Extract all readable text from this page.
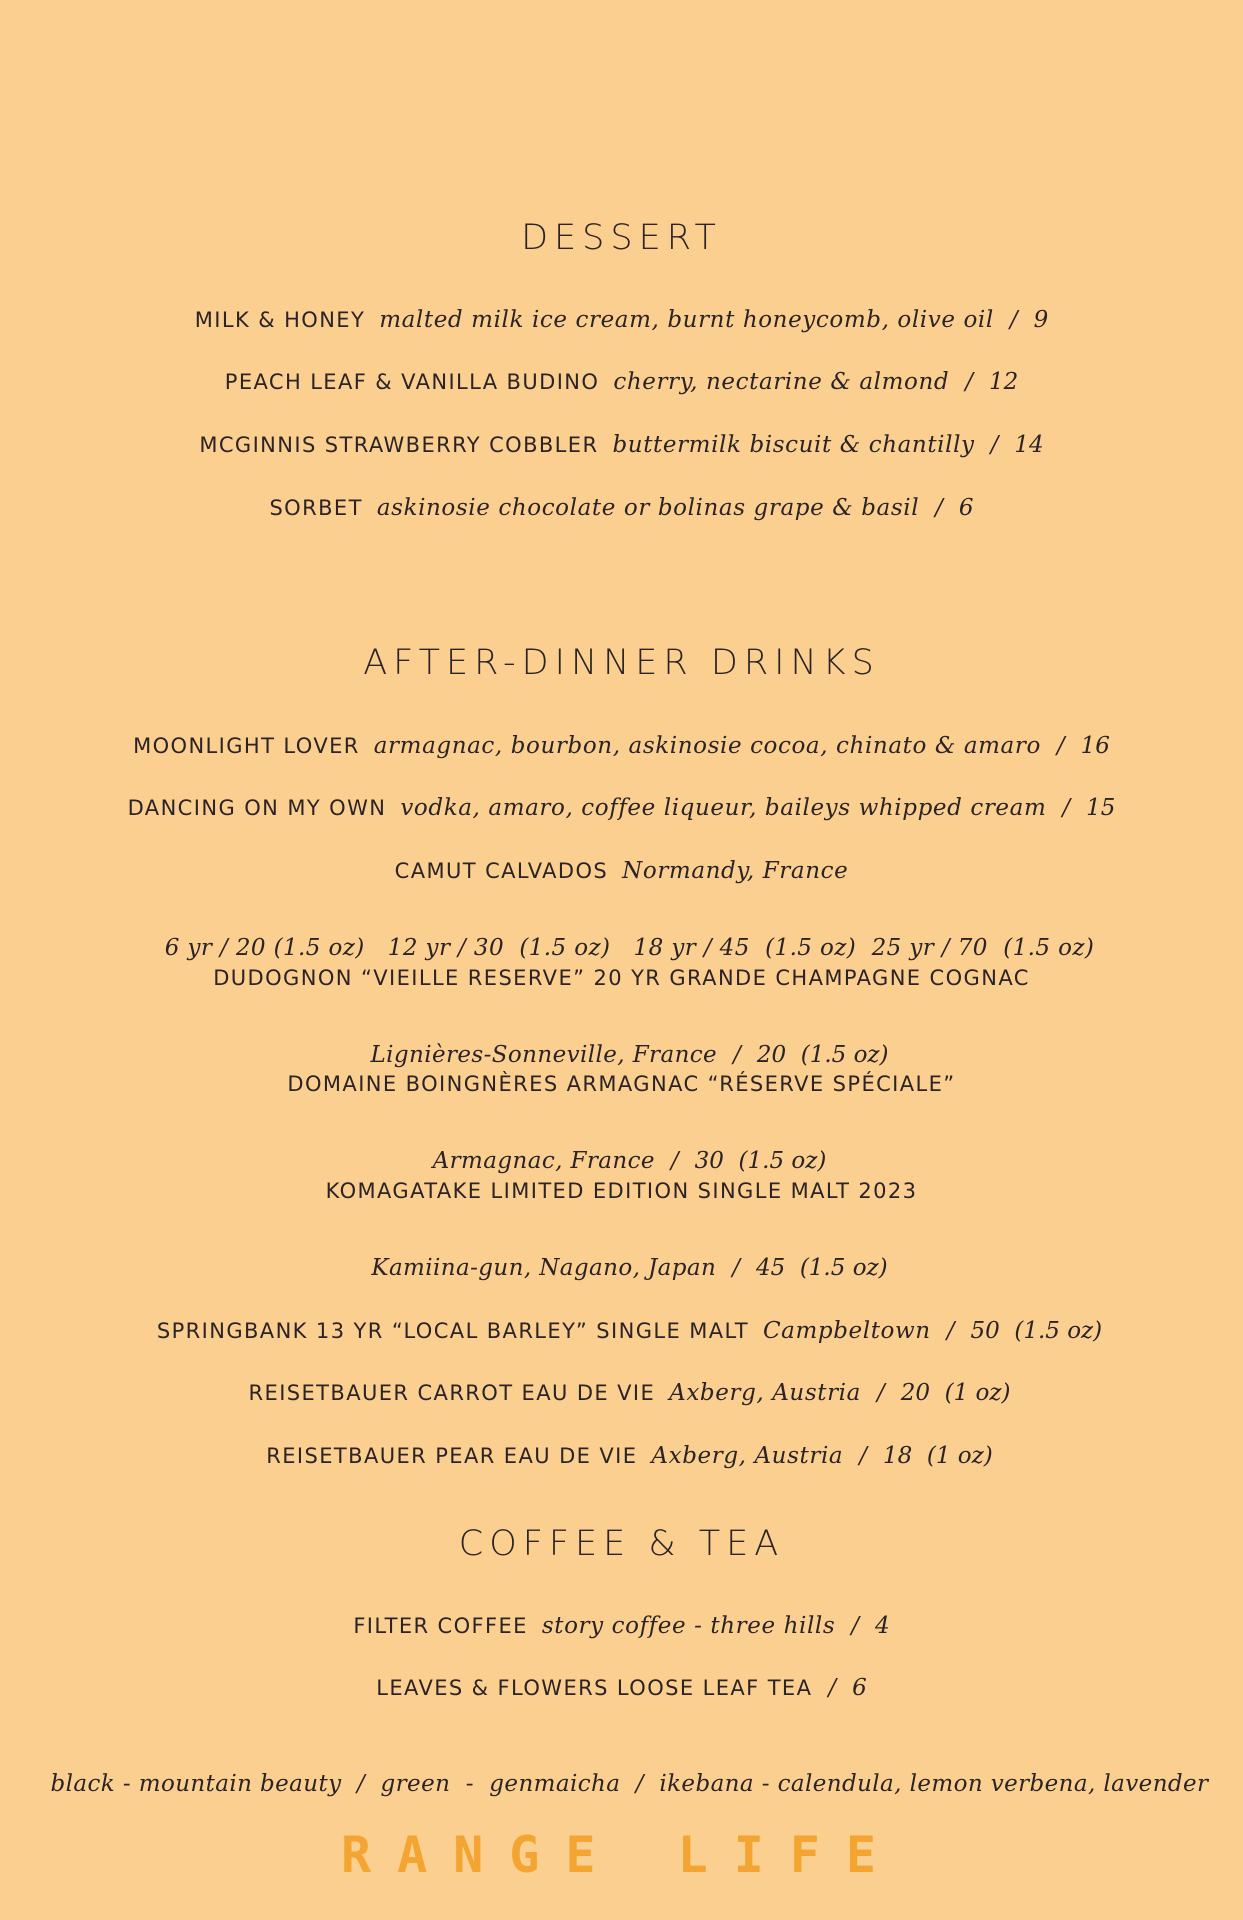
DESSERT
MILK & HONEY malted milk ice cream, burnt honeycomb, olive oil / 9
PEACH LEAF & VANILLA BUDINO cherry, nectarine & almond / 12
MCGINNIS STRAWBERRY COBBLER buttermilk biscuit & chantilly / 14
SORBET askinosie chocolate or bolinas grape & basil / 6
AFTER-DINNER DRINKS
MOONLIGHT LOVER armagnac, bourbon, askinosie cocoa, chinato & amaro / 16
DANCING ON MY OWN vodka, amaro, coffee liqueur, baileys whipped cream / 15
CAMUT CALVADOS Normandy, France

6 yr / 20 (1.5 oz)   12 yr / 30  (1.5 oz)   18 yr / 45  (1.5 oz)  25 yr / 70  (1.5 oz)

DUDOGNON “VIEILLE RESERVE” 20 YR GRANDE CHAMPAGNE COGNAC

Lignières-Sonneville, France / 20  (1.5 oz)

DOMAINE BOINGNÈRES ARMAGNAC “RÉSERVE SPÉCIALE”

Armagnac, France / 30  (1.5 oz)

KOMAGATAKE LIMITED EDITION SINGLE MALT 2023

Kamiina-gun, Nagano, Japan / 45  (1.5 oz)

SPRINGBANK 13 YR “LOCAL BARLEY” SINGLE MALT Campbeltown / 50  (1.5 oz)

REISETBAUER CARROT EAU DE VIE Axberg, Austria / 20  (1 oz)

REISETBAUER PEAR EAU DE VIE Axberg, Austria / 18  (1 oz)

COFFEE & TEA
FILTER COFFEE story coffee - three hills / 4
LEAVES & FLOWERS LOOSE LEAF TEA / 6

black - mountain beauty  /  green  -  genmaicha  /  ikebana - calendula, lemon verbena, lavender

RANGE LIFE
